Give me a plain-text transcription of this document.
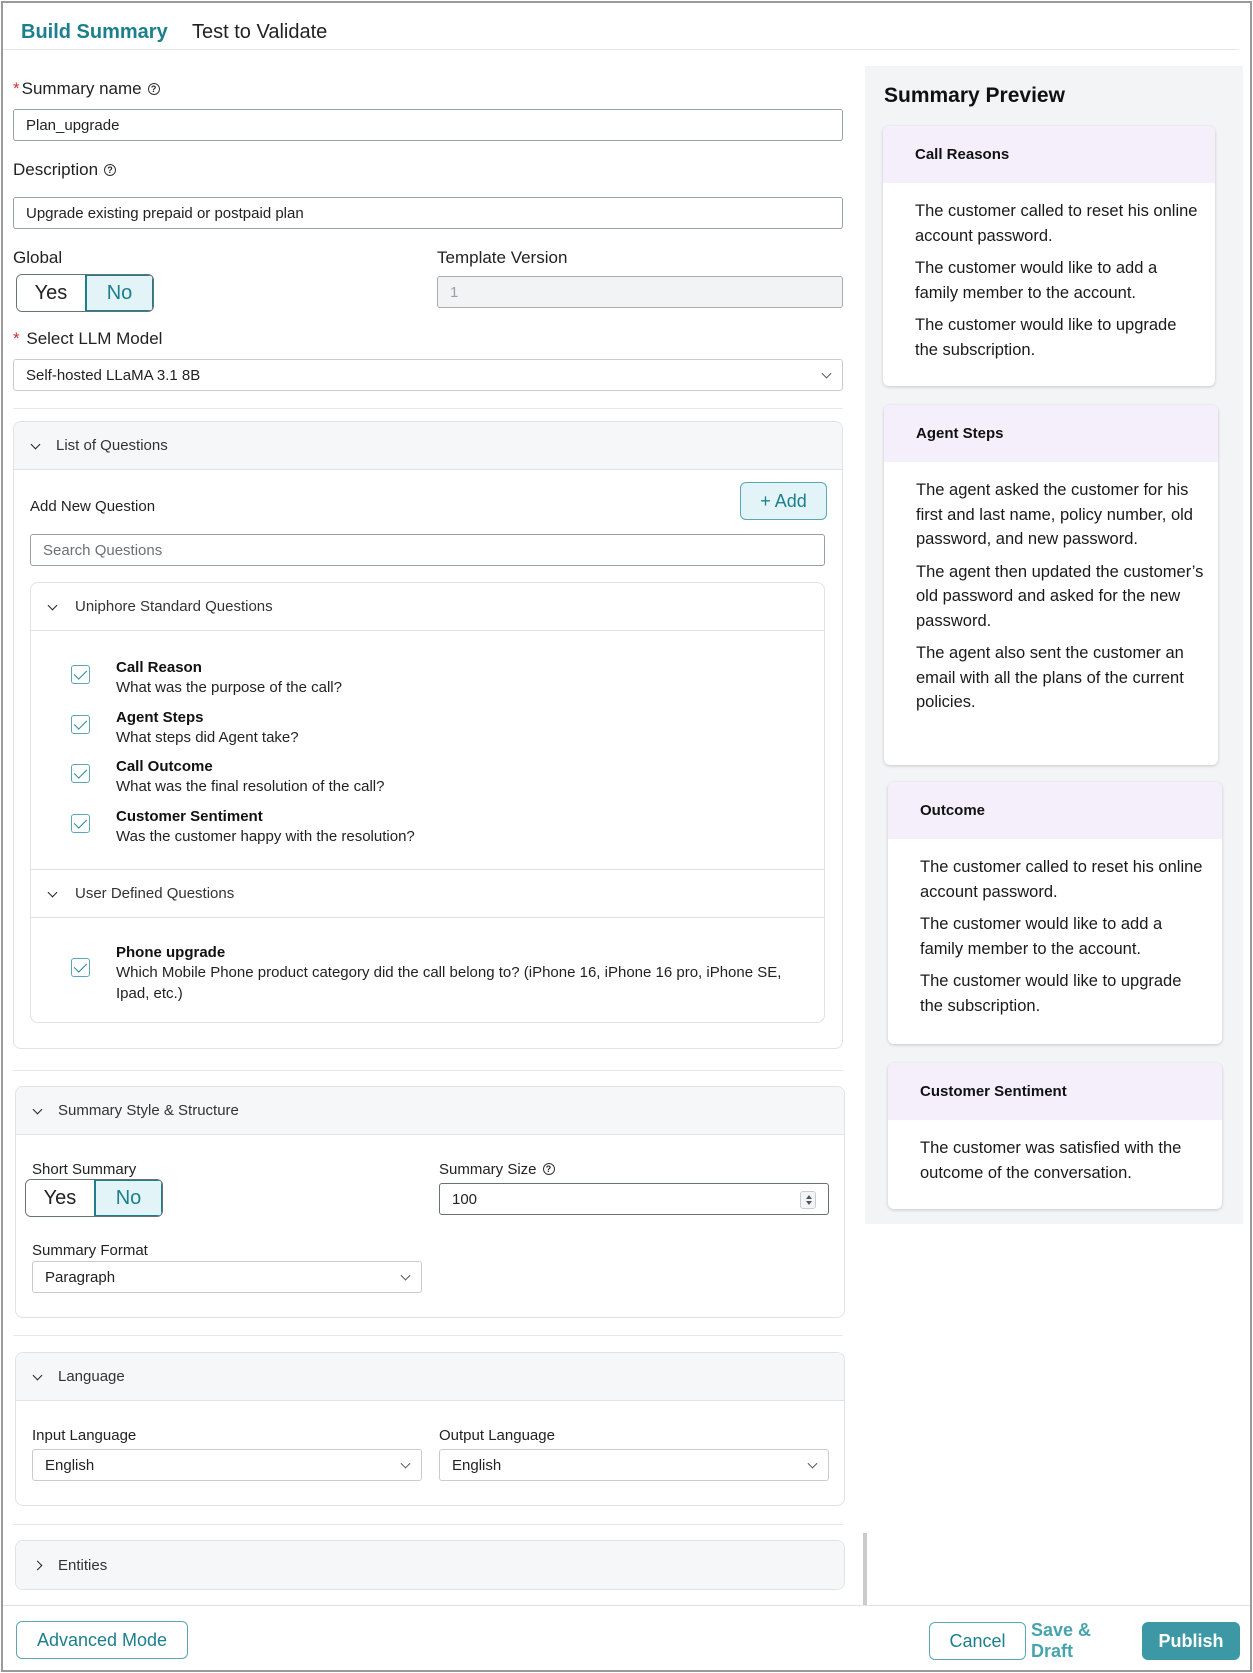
Build Summary Test to Validate
* Summary name ?
Plan_upgrade
Description ?
Upgrade existing prepaid or postpaid plan
Global
Yes	No
Template Version
1
* Select LLM Model
Self-hosted LLaMA 3.1 8B
List of Questions
Add New Question	+ Add
Search Questions
Uniphore Standard Questions
Call Reason
What was the purpose of the call?
Agent Steps
What steps did Agent take?
Call Outcome
What was the final resolution of the call?
Customer Sentiment
Was the customer happy with the resolution?
User Defined Questions
Phone upgrade
Which Mobile Phone product category did the call belong to? (iPhone 16, iPhone 16 pro, iPhone SE, Ipad, etc.)
Summary Style & Structure
Short Summary
Yes	No
Summary Size ?
100
Summary Format
Paragraph
Language
Input Language
English
Output Language
English
Entities
Summary Preview
Call Reasons

The customer called to reset his online account password.

The customer would like to add a family member to the account.

The customer would like to upgrade the subscription.

Agent Steps

The agent asked the customer for his first and last name, policy number, old password, and new password.

The agent then updated the customer’s old password and asked for the new password.

The agent also sent the customer an email with all the plans of the current policies.

Outcome

The customer called to reset his online account password.

The customer would like to add a family member to the account.

The customer would like to upgrade the subscription.

Customer Sentiment

The customer was satisfied with the outcome of the conversation.

Advanced Mode	Cancel
Save & Draft
Publish
